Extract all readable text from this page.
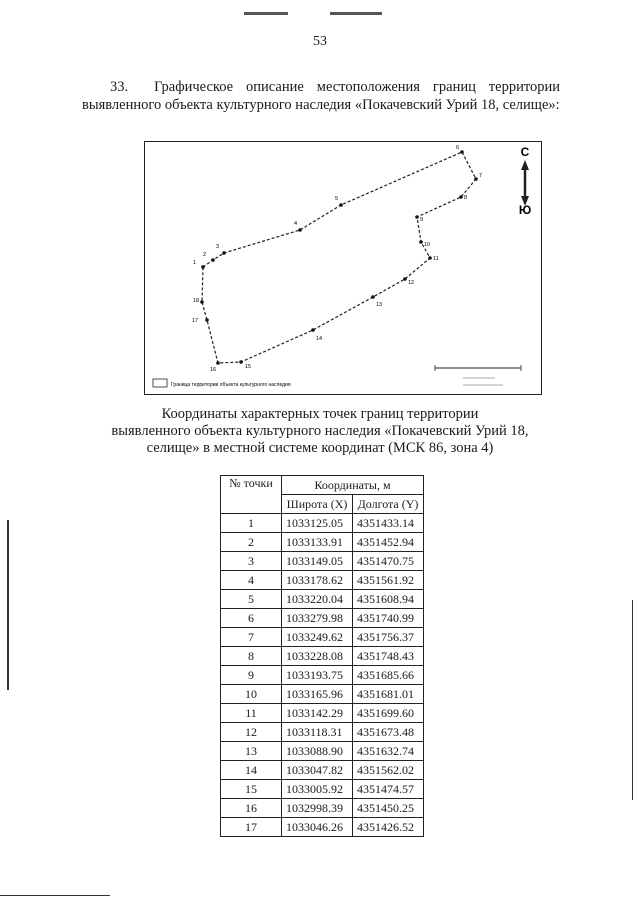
53
33. Графическое описание местоположения границ территории выявленного объекта культурного наследия «Покачевский Урий 18, селище»:
1
2
3
4
5
6
7
8
9
10
11
12
13
14
15
16
17
18
С
Ю
Граница территории объекта культурного наследия
Координаты характерных точек границ территории
выявленного объекта культурного наследия «Покачевский Урий 18,
селище» в местной системе координат (МСК 86, зона 4)
№ точки	Координаты, м	
	Широта (X)	Долгота (Y)
1	1033125.05	4351433.14
2	1033133.91	4351452.94
3	1033149.05	4351470.75
4	1033178.62	4351561.92
5	1033220.04	4351608.94
6	1033279.98	4351740.99
7	1033249.62	4351756.37
8	1033228.08	4351748.43
9	1033193.75	4351685.66
10	1033165.96	4351681.01
11	1033142.29	4351699.60
12	1033118.31	4351673.48
13	1033088.90	4351632.74
14	1033047.82	4351562.02
15	1033005.92	4351474.57
16	1032998.39	4351450.25
17	1033046.26	4351426.52
